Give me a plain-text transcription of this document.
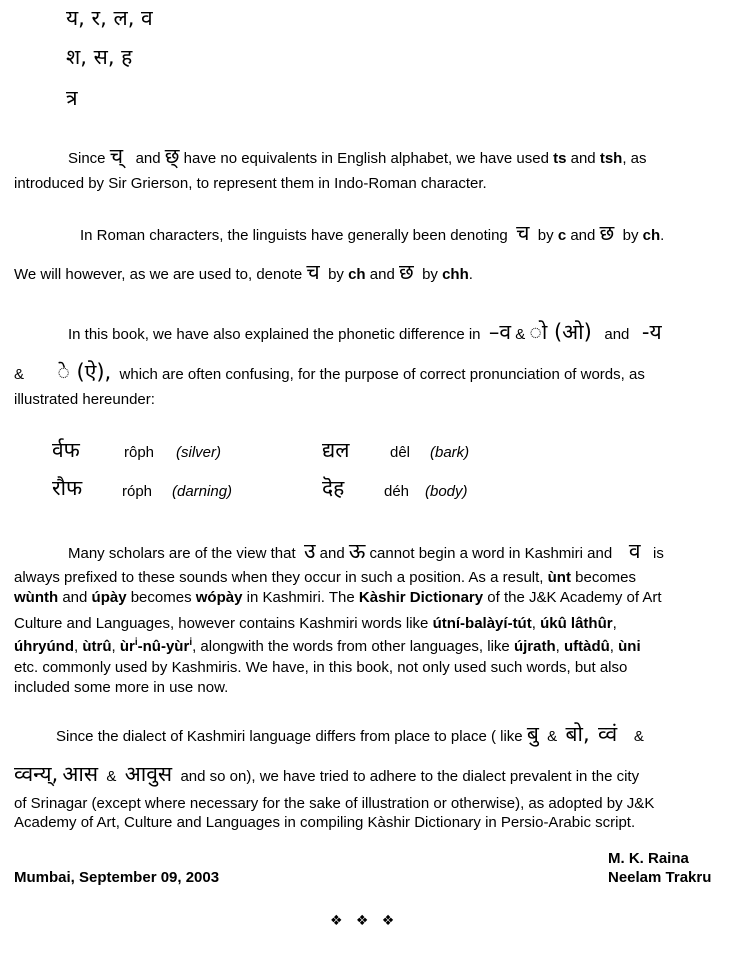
य, र, ल, व
श, स, ह
त्र
Since च् and छ् have no equivalents in English alphabet, we have used ts and tsh, as
introduced by Sir Grierson, to represent them in Indo-Roman character.
In Roman characters, the linguists have generally been denoting च by c and छ by ch.
We will however, as we are used to, denote च by ch and छ by chh.
In this book, we have also explained the phonetic difference in –व & ो (ओ) and -य
& े (ऐ), which are often confusing, for the purpose of correct pronunciation of words, as
illustrated hereunder:
र्वफ	rôph (silver)	द्यल	dêl (bark)
रौफ	róph (darning)	दॆह	déh (body)
Many scholars are of the view that उ and ऊ cannot begin a word in Kashmiri and व is
always prefixed to these sounds when they occur in such a position. As a result, ùnt becomes
wùnth and úpày becomes wópày in Kashmiri. The Kàshir Dictionary of the J&K Academy of Art
Culture and Languages, however contains Kashmiri words like útní-balàyí-tút, úkû lâthûr,
úhryúnd, ùtrû, $ùr^i-nû-yùr^i$, alongwith the words from other languages, like újrath, uftàdû, ùni
etc. commonly used by Kashmiris. We have, in this book, not only used such words, but also
included some more in use now.
Since the dialect of Kashmiri language differs from place to place ( like बु & बो, व्वं &
व्वन्य्, आस & आवुस and so on), we have tried to adhere to the dialect prevalent in the city
of Srinagar (except where necessary for the sake of illustration or otherwise), as adopted by J&K
Academy of Art, Culture and Languages in compiling Kàshir Dictionary in Persio-Arabic script.
M. K. Raina
Mumbai, September 09, 2003	Neelam Trakru
❖   ❖   ❖
